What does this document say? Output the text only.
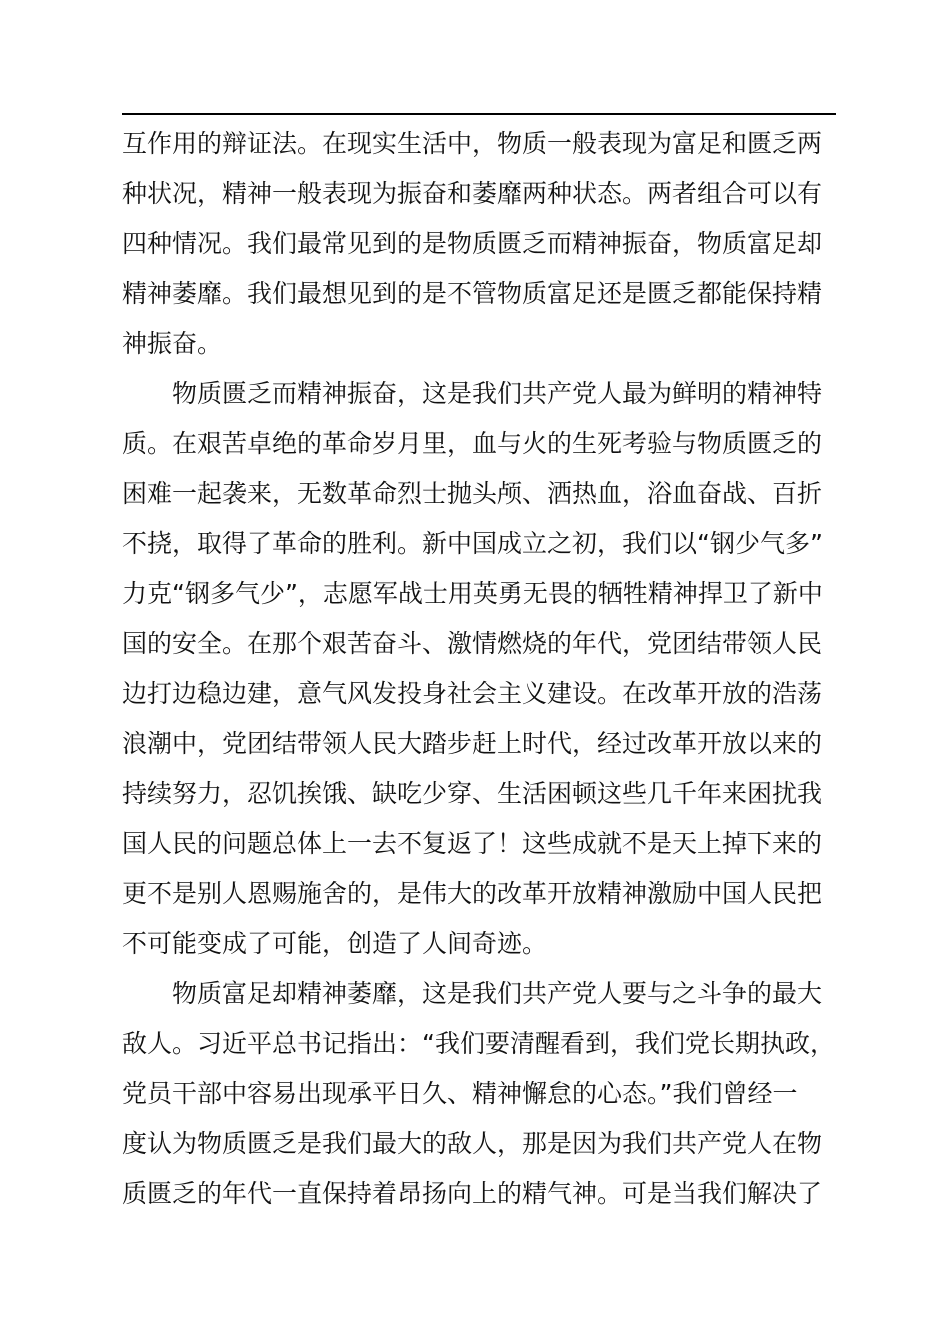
互作用的辩证法。在现实生活中，物质一般表现为富足和匮乏两
种状况，精神一般表现为振奋和萎靡两种状态。两者组合可以有
四种情况。我们最常见到的是物质匮乏而精神振奋，物质富足却
精神萎靡。我们最想见到的是不管物质富足还是匮乏都能保持精
神振奋。
物质匮乏而精神振奋，这是我们共产党人最为鲜明的精神特
质。在艰苦卓绝的革命岁月里，血与火的生死考验与物质匮乏的
困难一起袭来，无数革命烈士抛头颅、洒热血，浴血奋战、百折
不挠，取得了革命的胜利。新中国成立之初，我们以“钢少气多”
力克“钢多气少”，志愿军战士用英勇无畏的牺牲精神捍卫了新中
国的安全。在那个艰苦奋斗、激情燃烧的年代，党团结带领人民
边打边稳边建，意气风发投身社会主义建设。在改革开放的浩荡
浪潮中，党团结带领人民大踏步赶上时代，经过改革开放以来的
持续努力，忍饥挨饿、缺吃少穿、生活困顿这些几千年来困扰我
国人民的问题总体上一去不复返了！这些成就不是天上掉下来的
更不是别人恩赐施舍的，是伟大的改革开放精神激励中国人民把
不可能变成了可能，创造了人间奇迹。
物质富足却精神萎靡，这是我们共产党人要与之斗争的最大
敌人。习近平总书记指出：“我们要清醒看到，我们党长期执政，
党员干部中容易出现承平日久、精神懈怠的心态。”我们曾经一
度认为物质匮乏是我们最大的敌人，那是因为我们共产党人在物
质匮乏的年代一直保持着昂扬向上的精气神。可是当我们解决了
